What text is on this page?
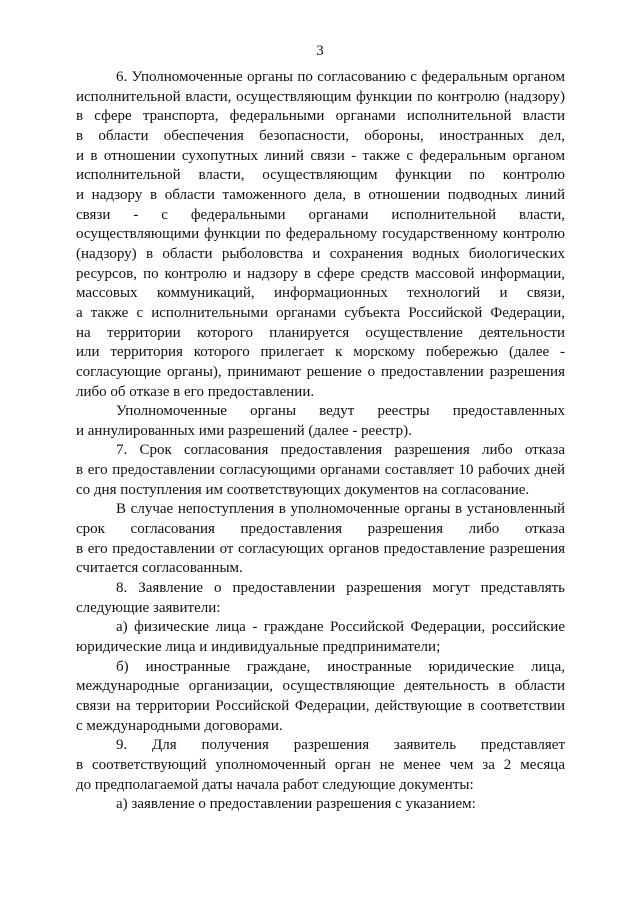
3

6. Уполномоченные органы по согласованию с федеральным органом
исполнительной власти, осуществляющим функции по контролю (надзору)
в сфере транспорта, федеральными органами исполнительной власти
в области обеспечения безопасности, обороны, иностранных дел,
и в отношении сухопутных линий связи - также с федеральным органом
исполнительной власти, осуществляющим функции по контролю
и надзору в области таможенного дела, в отношении подводных линий
связи - с федеральными органами исполнительной власти,
осуществляющими функции по федеральному государственному контролю
(надзору) в области рыболовства и сохранения водных биологических
ресурсов, по контролю и надзору в сфере средств массовой информации,
массовых коммуникаций, информационных технологий и связи,
а также с исполнительными органами субъекта Российской Федерации,
на территории которого планируется осуществление деятельности
или территория которого прилегает к морскому побережью (далее -
согласующие органы), принимают решение о предоставлении разрешения
либо об отказе в его предоставлении.

Уполномоченные органы ведут реестры предоставленных
и аннулированных ими разрешений (далее - реестр).

7. Срок согласования предоставления разрешения либо отказа
в его предоставлении согласующими органами составляет 10 рабочих дней
со дня поступления им соответствующих документов на согласование.

В случае непоступления в уполномоченные органы в установленный
срок согласования предоставления разрешения либо отказа
в его предоставлении от согласующих органов предоставление разрешения
считается согласованным.

8. Заявление о предоставлении разрешения могут представлять
следующие заявители:

а) физические лица - граждане Российской Федерации, российские
юридические лица и индивидуальные предприниматели;

б) иностранные граждане, иностранные юридические лица,
международные организации, осуществляющие деятельность в области
связи на территории Российской Федерации, действующие в соответствии
с международными договорами.

9. Для получения разрешения заявитель представляет
в соответствующий уполномоченный орган не менее чем за 2 месяца
до предполагаемой даты начала работ следующие документы:

а) заявление о предоставлении разрешения с указанием:
